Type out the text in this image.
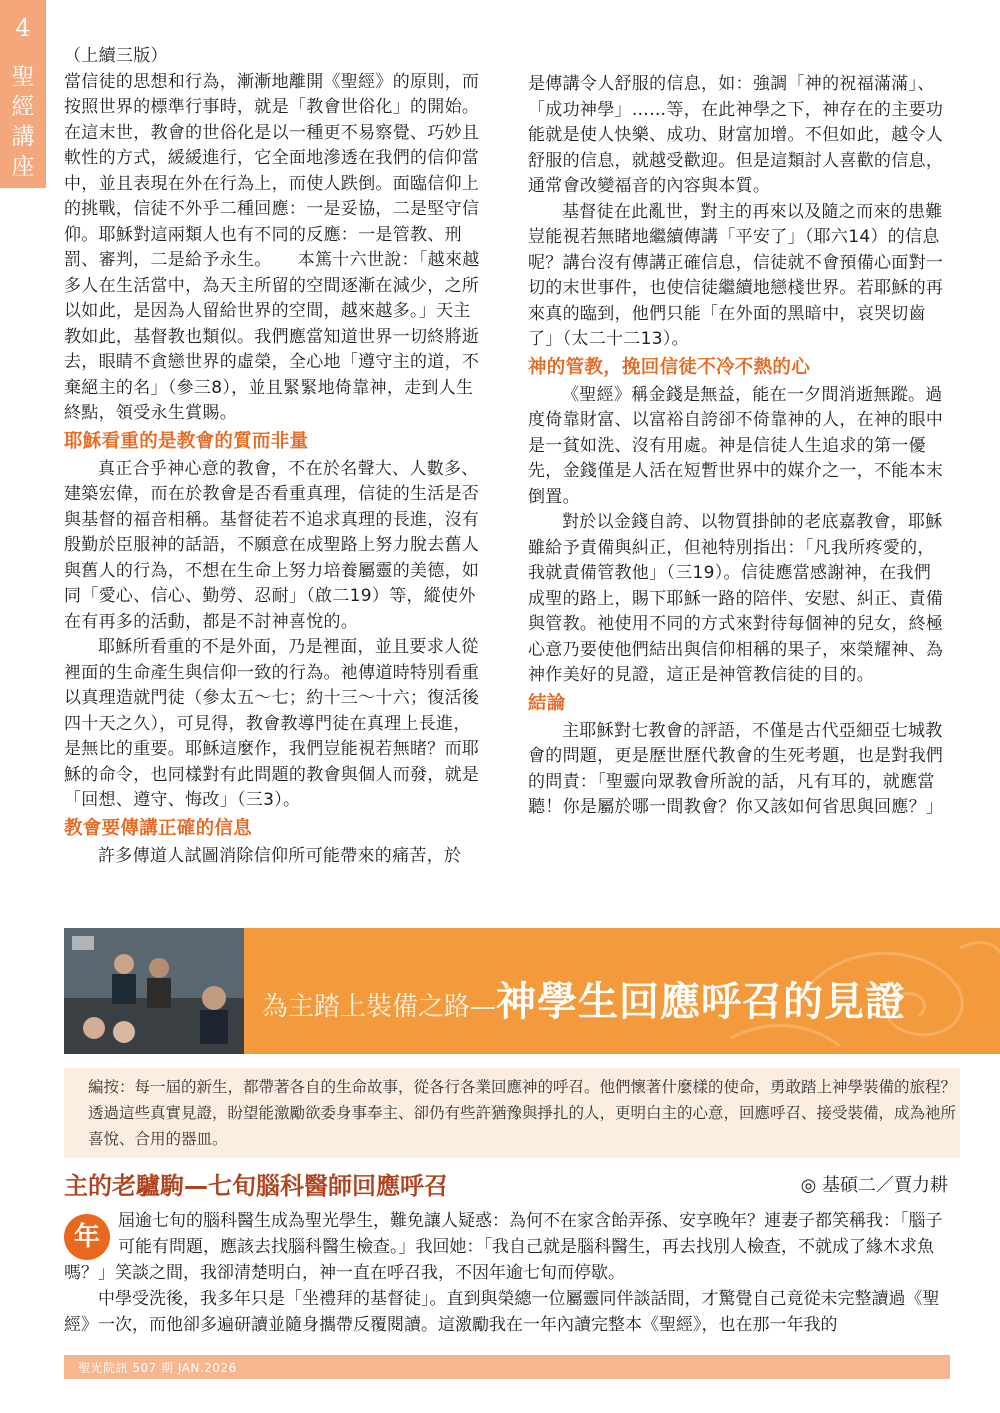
4
聖
經
講
座

（上續三版）

當信徒的思想和行為，漸漸地離開《聖經》的原則，而按照世界的標準行事時，就是「教會世俗化」的開始。在這末世，教會的世俗化是以一種更不易察覺、巧妙且軟性的方式，緩緩進行，它全面地滲透在我們的信仰當中，並且表現在外在行為上，而使人跌倒。面臨信仰上的挑戰，信徒不外乎二種回應：一是妥協，二是堅守信仰。耶穌對這兩類人也有不同的反應：一是管教、刑罰、審判，二是給予永生。　　本篤十六世說：「越來越多人在生活當中，為天主所留的空間逐漸在減少，之所以如此，是因為人留給世界的空間，越來越多。」天主教如此，基督教也類似。我們應當知道世界一切終將逝去，眼睛不貪戀世界的虛榮，全心地「遵守主的道，不棄絕主的名」（參三8），並且緊緊地倚靠神，走到人生終點，領受永生賞賜。

耶穌看重的是教會的質而非量

真正合乎神心意的教會，不在於名聲大、人數多、建築宏偉，而在於教會是否看重真理，信徒的生活是否與基督的福音相稱。基督徒若不追求真理的長進，沒有殷勤於臣服神的話語，不願意在成聖路上努力脫去舊人與舊人的行為，不想在生命上努力培養屬靈的美德，如同「愛心、信心、勤勞、忍耐」（啟二19）等，縱使外在有再多的活動，都是不討神喜悅的。

耶穌所看重的不是外面，乃是裡面，並且要求人從裡面的生命產生與信仰一致的行為。祂傳道時特別看重以真理造就門徒（參太五～七；約十三～十六；復活後四十天之久），可見得，教會教導門徒在真理上長進，是無比的重要。耶穌這麼作，我們豈能視若無睹？而耶穌的命令，也同樣對有此問題的教會與個人而發，就是「回想、遵守、悔改」（三3）。

教會要傳講正確的信息

許多傳道人試圖消除信仰所可能帶來的痛苦，於

是傳講令人舒服的信息，如：強調「神的祝福滿滿」、「成功神學」……等，在此神學之下，神存在的主要功能就是使人快樂、成功、財富加增。不但如此，越令人舒服的信息，就越受歡迎。但是這類討人喜歡的信息，通常會改變福音的內容與本質。

基督徒在此亂世，對主的再來以及隨之而來的患難豈能視若無睹地繼續傳講「平安了」（耶六14）的信息呢？講台沒有傳講正確信息，信徒就不會預備心面對一切的末世事件，也使信徒繼續地戀棧世界。若耶穌的再來真的臨到，他們只能「在外面的黑暗中，哀哭切齒了」（太二十二13）。

神的管教，挽回信徒不冷不熱的心

《聖經》稱金錢是無益，能在一夕間消逝無蹤。過度倚靠財富、以富裕自誇卻不倚靠神的人，在神的眼中是一貧如洗、沒有用處。神是信徒人生追求的第一優先，金錢僅是人活在短暫世界中的媒介之一，不能本末倒置。

對於以金錢自誇、以物質掛帥的老底嘉教會，耶穌雖給予責備與糾正，但祂特別指出：「凡我所疼愛的，我就責備管教他」（三19）。信徒應當感謝神，在我們成聖的路上，賜下耶穌一路的陪伴、安慰、糾正、責備與管教。祂使用不同的方式來對待每個神的兒女，終極心意乃要使他們結出與信仰相稱的果子，來榮耀神、為神作美好的見證，這正是神管教信徒的目的。

結論

主耶穌對七教會的評語，不僅是古代亞細亞七城教會的問題，更是歷世歷代教會的生死考題，也是對我們的問責：「聖靈向眾教會所說的話，凡有耳的，就應當聽！你是屬於哪一間教會？你又該如何省思與回應？」

為主踏上裝備之路—神學生回應呼召的見證
編按：每一屆的新生，都帶著各自的生命故事，從各行各業回應神的呼召。他們懷著什麼樣的使命，勇敢踏上神學裝備的旅程？透過這些真實見證，盼望能激勵欲委身事奉主、卻仍有些許猶豫與掙扎的人，更明白主的心意，回應呼召、接受裝備，成為祂所喜悅、合用的器皿。
主的老驢駒—七旬腦科醫師回應呼召	◎ 基碩二／賈力耕
年

屆逾七旬的腦科醫生成為聖光學生，難免讓人疑惑：為何不在家含飴弄孫、安享晚年？連妻子都笑稱我：「腦子可能有問題，應該去找腦科醫生檢查。」我回她：「我自己就是腦科醫生，再去找別人檢查，不就成了緣木求魚嗎？」笑談之間，我卻清楚明白，神一直在呼召我，不因年逾七旬而停歇。

中學受洗後，我多年只是「坐禮拜的基督徒」。直到與榮總一位屬靈同伴談話間，才驚覺自己竟從未完整讀過《聖經》一次，而他卻多遍研讀並隨身攜帶反覆閱讀。這激勵我在一年內讀完整本《聖經》，也在那一年我的

聖光院訊 507 期 JAN.2026
